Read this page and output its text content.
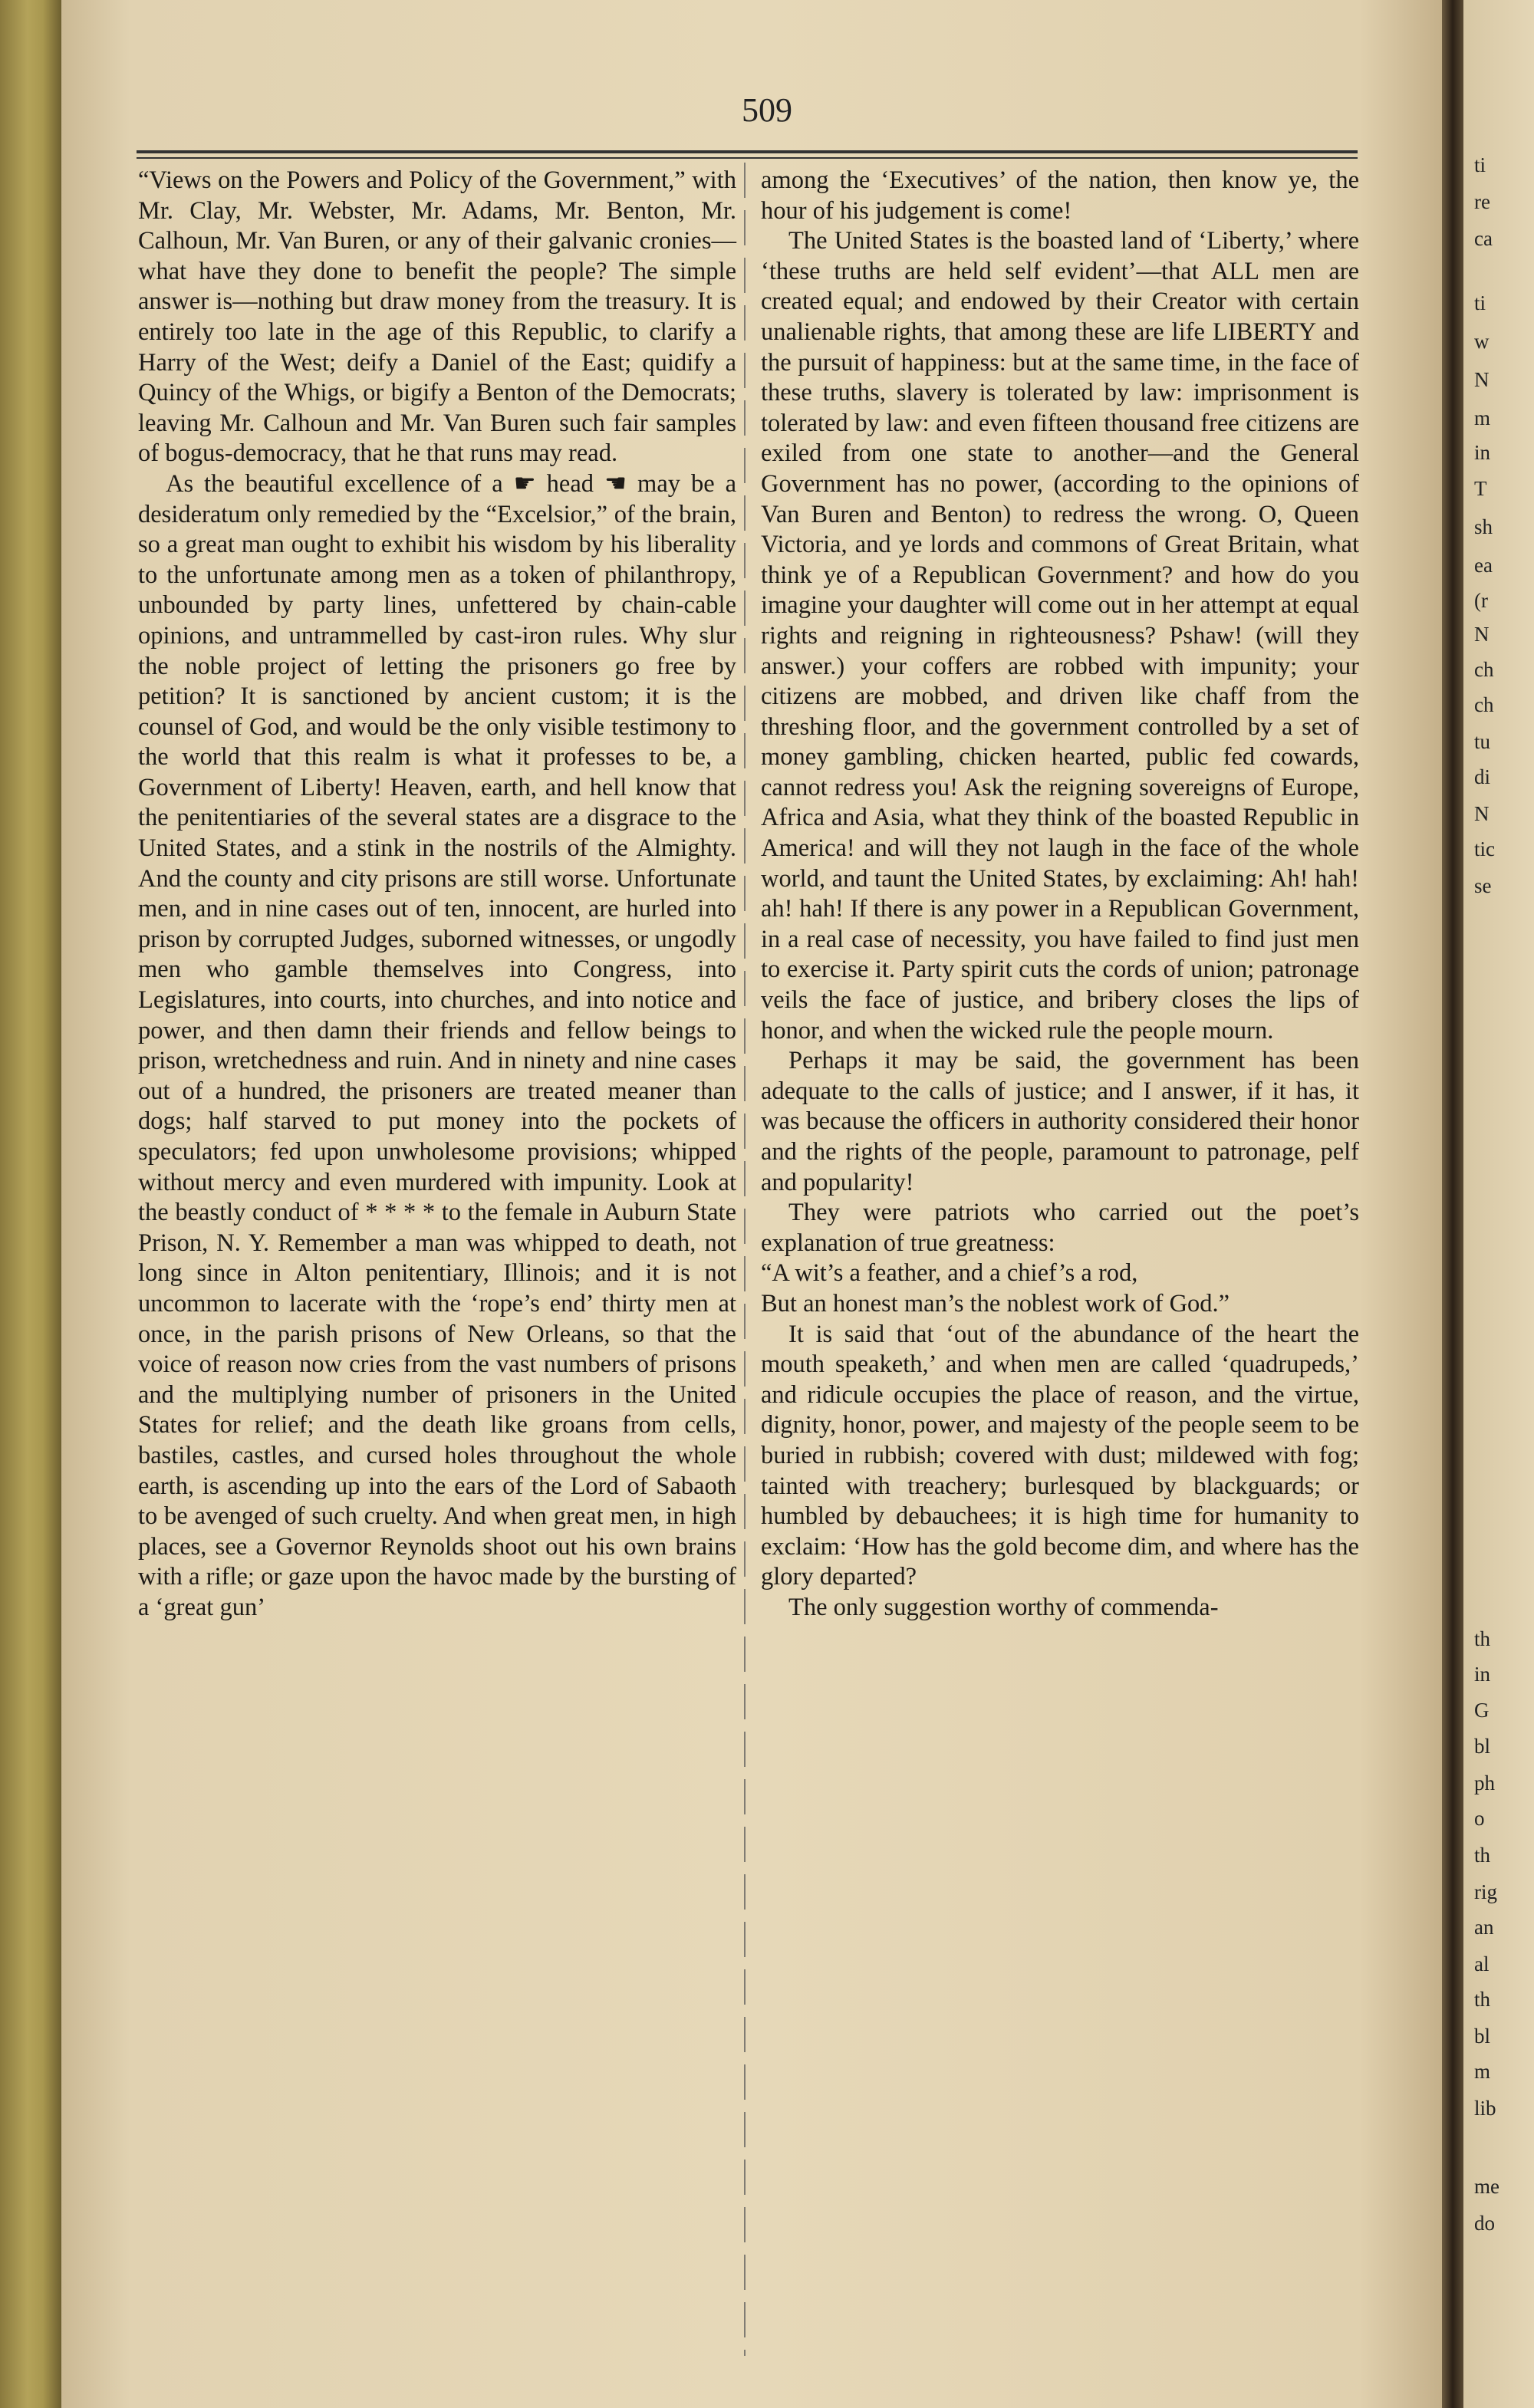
509

“Views on the Powers and Policy of the Government,” with Mr. Clay, Mr. Webster, Mr. Adams, Mr. Benton, Mr. Calhoun, Mr. Van Buren, or any of their galvanic cronies—what have they done to benefit the people? The simple answer is—nothing but draw money from the treasury. It is entirely too late in the age of this Republic, to clarify a Harry of the West; deify a Daniel of the East; quidify a Quincy of the Whigs, or bigify a Benton of the Democrats; leaving Mr. Calhoun and Mr. Van Buren such fair samples of bogus-democracy, that he that runs may read.

As the beautiful excellence of a ☛ head ☚ may be a desideratum only remedied by the “Excelsior,” of the brain, so a great man ought to exhibit his wisdom by his liberality to the unfortunate among men as a token of philanthropy, unbounded by party lines, unfettered by chain-cable opinions, and untrammelled by cast-iron rules. Why slur the noble project of letting the prisoners go free by petition? It is sanctioned by ancient custom; it is the counsel of God, and would be the only visible testimony to the world that this realm is what it professes to be, a Government of Liberty! Heaven, earth, and hell know that the penitentiaries of the several states are a disgrace to the United States, and a stink in the nostrils of the Almighty. And the county and city prisons are still worse. Unfortunate men, and in nine cases out of ten, innocent, are hurled into prison by corrupted Judges, suborned witnesses, or ungodly men who gamble themselves into Congress, into Legislatures, into courts, into churches, and into notice and power, and then damn their friends and fellow beings to prison, wretchedness and ruin. And in ninety and nine cases out of a hundred, the prisoners are treated meaner than dogs; half starved to put money into the pockets of speculators; fed upon unwholesome provisions; whipped without mercy and even murdered with impunity. Look at the beastly conduct of * * * * to the female in Auburn State Prison, N. Y. Remember a man was whipped to death, not long since in Alton penitentiary, Illinois; and it is not uncommon to lacerate with the ‘rope’s end’ thirty men at once, in the parish prisons of New Orleans, so that the voice of reason now cries from the vast numbers of prisons and the multiplying number of prisoners in the United States for relief; and the death like groans from cells, bastiles, castles, and cursed holes throughout the whole earth, is ascending up into the ears of the Lord of Sabaoth to be avenged of such cruelty. And when great men, in high places, see a Governor Reynolds shoot out his own brains with a rifle; or gaze upon the havoc made by the bursting of a ‘great gun’

among the ‘Executives’ of the nation, then know ye, the hour of his judgement is come!

The United States is the boasted land of ‘Liberty,’ where ‘these truths are held self evident’—that ALL men are created equal; and endowed by their Creator with certain unalienable rights, that among these are life LIBERTY and the pursuit of happiness: but at the same time, in the face of these truths, slavery is tolerated by law: imprisonment is tolerated by law: and even fifteen thousand free citizens are exiled from one state to another—and the General Government has no power, (according to the opinions of Van Buren and Benton) to redress the wrong. O, Queen Victoria, and ye lords and commons of Great Britain, what think ye of a Republican Government? and how do you imagine your daughter will come out in her attempt at equal rights and reigning in righteousness? Pshaw! (will they answer.) your coffers are robbed with impunity; your citizens are mobbed, and driven like chaff from the threshing floor, and the government controlled by a set of money gambling, chicken hearted, public fed cowards, cannot redress you! Ask the reigning sovereigns of Europe, Africa and Asia, what they think of the boasted Republic in America! and will they not laugh in the face of the whole world, and taunt the United States, by exclaiming: Ah! hah! ah! hah! If there is any power in a Republican Government, in a real case of necessity, you have failed to find just men to exercise it. Party spirit cuts the cords of union; patronage veils the face of justice, and bribery closes the lips of honor, and when the wicked rule the people mourn.

Perhaps it may be said, the government has been adequate to the calls of justice; and I answer, if it has, it was because the officers in authority considered their honor and the rights of the people, paramount to patronage, pelf and popularity!

They were patriots who carried out the poet’s explanation of true greatness:

“A wit’s a feather, and a chief’s a rod,

But an honest man’s the noblest work of God.”

It is said that ‘out of the abundance of the heart the mouth speaketh,’ and when men are called ‘quadrupeds,’ and ridicule occupies the place of reason, and the virtue, dignity, honor, power, and majesty of the people seem to be buried in rubbish; covered with dust; mildewed with fog; tainted with treachery; burlesqued by blackguards; or humbled by debauchees; it is high time for humanity to exclaim: ‘How has the gold become dim, and where has the glory departed?

The only suggestion worthy of commenda-

ti
re
ca
ti
w
N
m
in
T
sh
ea
(r
N
ch
ch
tu
di
N
tic
se
th
in
G
bl
ph
o
th
rig
an
al
th
bl
m
lib
me
do
